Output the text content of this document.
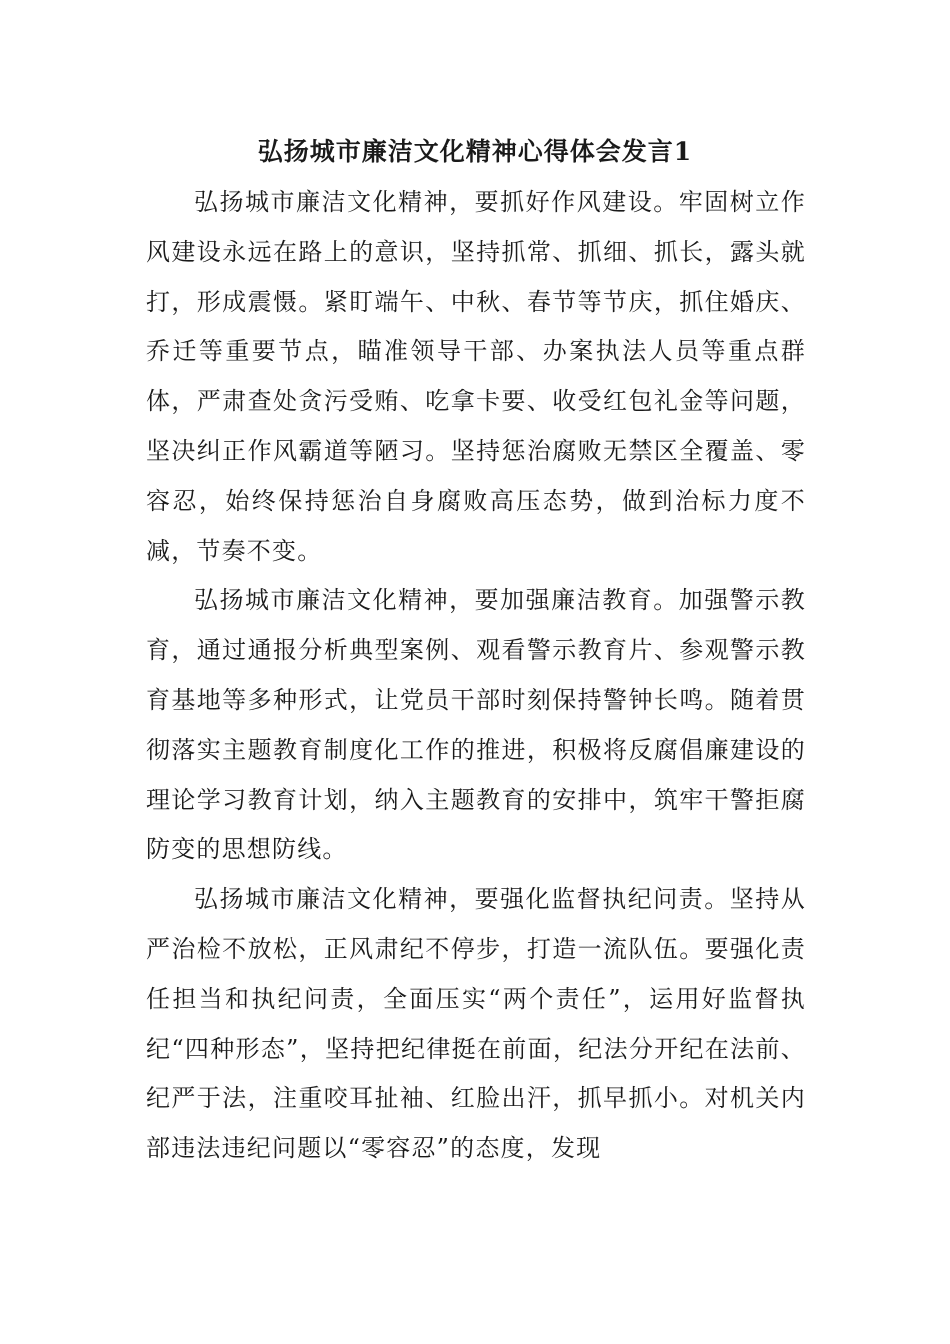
弘扬城市廉洁文化精神心得体会发言1

弘扬城市廉洁文化精神，要抓好作风建设。牢固树立作风建设永远在路上的意识，坚持抓常、抓细、抓长，露头就打，形成震慑。紧盯端午、中秋、春节等节庆，抓住婚庆、乔迁等重要节点，瞄准领导干部、办案执法人员等重点群体，严肃查处贪污受贿、吃拿卡要、收受红包礼金等问题，坚决纠正作风霸道等陋习。坚持惩治腐败无禁区全覆盖、零容忍，始终保持惩治自身腐败高压态势，做到治标力度不减，节奏不变。

弘扬城市廉洁文化精神，要加强廉洁教育。加强警示教育，通过通报分析典型案例、观看警示教育片、参观警示教育基地等多种形式，让党员干部时刻保持警钟长鸣。随着贯彻落实主题教育制度化工作的推进，积极将反腐倡廉建设的理论学习教育计划，纳入主题教育的安排中，筑牢干警拒腐防变的思想防线。

弘扬城市廉洁文化精神，要强化监督执纪问责。坚持从严治检不放松，正风肃纪不停步，打造一流队伍。要强化责任担当和执纪问责，全面压实“两个责任”，运用好监督执纪“四种形态”，坚持把纪律挺在前面，纪法分开纪在法前、纪严于法，注重咬耳扯袖、红脸出汗，抓早抓小。对机关内部违法违纪问题以“零容忍”的态度，发现
